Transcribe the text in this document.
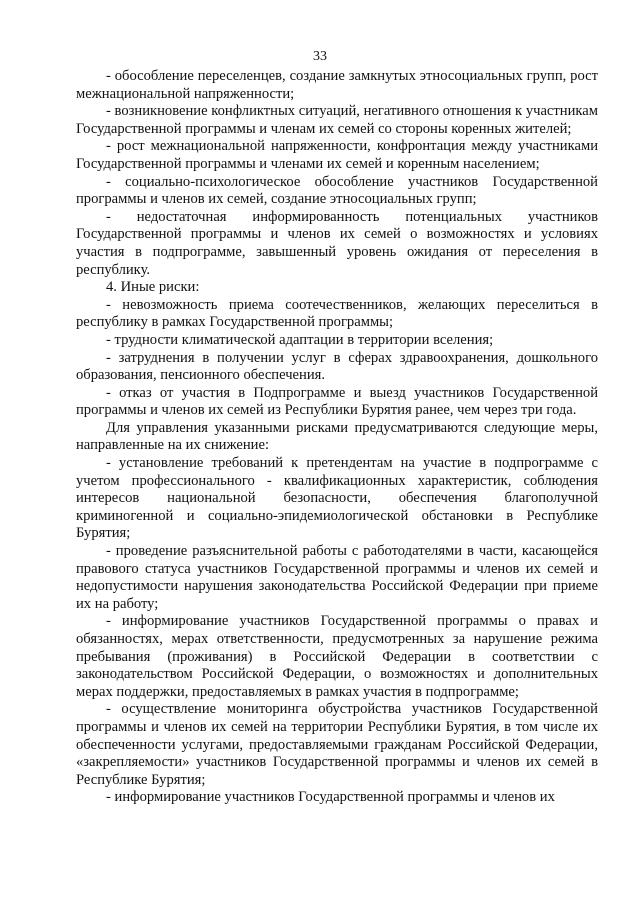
33

- обособление переселенцев, создание замкнутых этносоциальных групп, рост межнациональной напряженности;

- возникновение конфликтных ситуаций, негативного отношения к участникам Государственной программы и членам их семей со стороны коренных жителей;

- рост межнациональной напряженности, конфронтация между участниками Государственной программы и членами их семей и коренным населением;

- социально-психологическое обособление участников Государственной программы и членов их семей, создание этносоциальных групп;

- недостаточная информированность потенциальных участников Государственной программы и членов их семей о возможностях и условиях участия в подпрограмме, завышенный уровень ожидания от переселения в республику.

4. Иные риски:

- невозможность приема соотечественников, желающих переселиться в республику в рамках Государственной программы;

- трудности климатической адаптации в территории вселения;

- затруднения в получении услуг в сферах здравоохранения, дошкольного образования, пенсионного обеспечения.

- отказ от участия в Подпрограмме и выезд участников Государственной программы и членов их семей из Республики Бурятия ранее, чем через три года.

Для управления указанными рисками предусматриваются следующие меры, направленные на их снижение:

- установление требований к претендентам на участие в подпрограмме с учетом профессионального - квалификационных характеристик, соблюдения интересов национальной безопасности, обеспечения благополучной криминогенной и социально-эпидемиологической обстановки в Республике Бурятия;

- проведение разъяснительной работы с работодателями в части, касающейся правового статуса участников Государственной программы и членов их семей и недопустимости нарушения законодательства Российской Федерации при приеме их на работу;

- информирование участников Государственной программы о правах и обязанностях, мерах ответственности, предусмотренных за нарушение режима пребывания (проживания) в Российской Федерации в соответствии с законодательством Российской Федерации, о возможностях и дополнительных мерах поддержки, предоставляемых в рамках участия в подпрограмме;

- осуществление мониторинга обустройства участников Государственной программы и членов их семей на территории Республики Бурятия, в том числе их обеспеченности услугами, предоставляемыми гражданам Российской Федерации, «закрепляемости» участников Государственной программы и членов их семей в Республике Бурятия;

- информирование участников Государственной программы и членов их
